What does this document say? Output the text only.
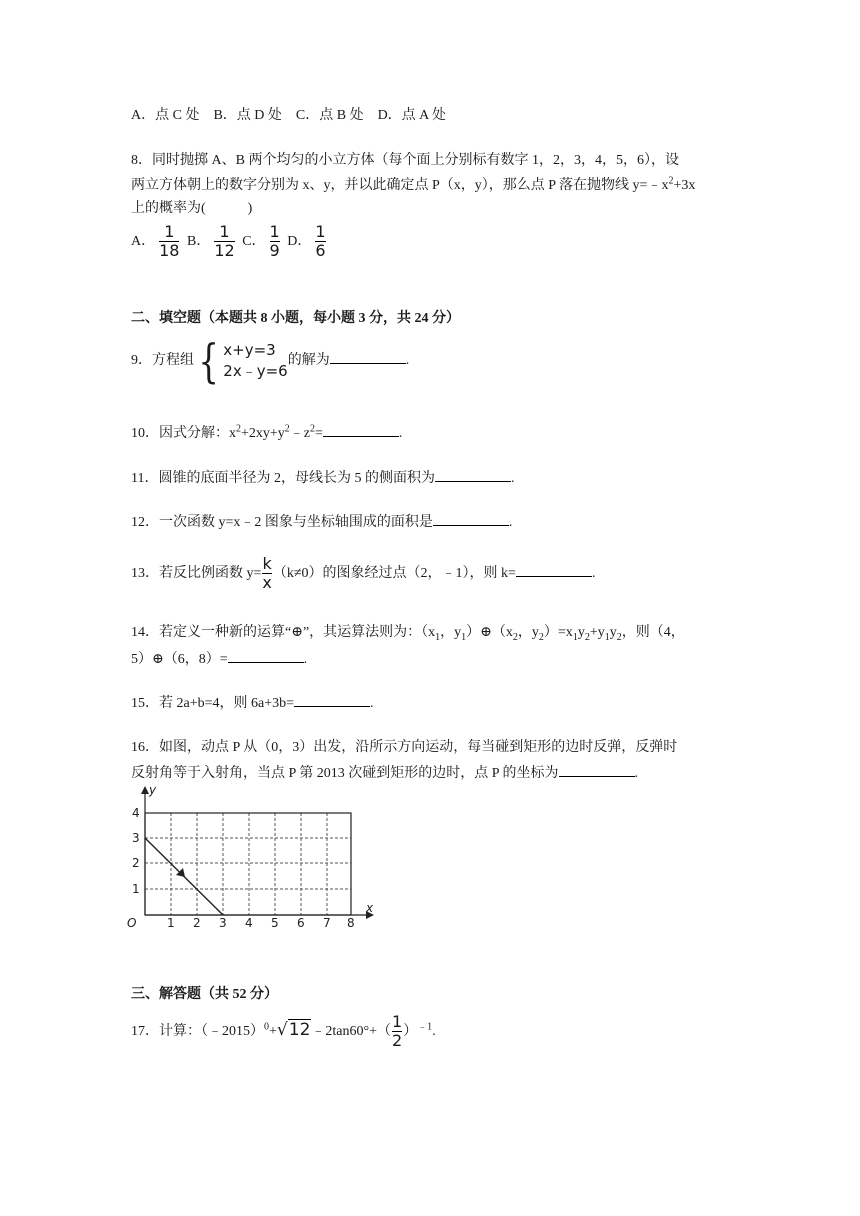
A．点 C 处　B．点 D 处　C．点 B 处　D．点 A 处
8．同时抛掷 A、B 两个均匀的小立方体（每个面上分别标有数字 1，2，3，4，5，6），设
两立方体朝上的数字分别为 x、y，并以此确定点 P（x，y），那么点 P 落在抛物线 $y=﹣x^2+3x$
上的概率为(　　　)
A． $\frac{1}{18}$ B． $\frac{1}{12}$ C． $\frac{1}{9}$ D． $\frac{1}{6}$
二、填空题（本题共 8 小题，每小题 3 分，共 24 分）
9．方程组 { x+y=3
2x﹣y=6
的解为	.
10．因式分解：$x^2+2xy+y^2﹣z^2=$	.
11．圆锥的底面半径为 2，母线长为 5 的侧面积为	.
12．一次函数 y=x﹣2 图象与坐标轴围成的面积是	.
13．若反比例函数 $y= \frac{k}{x} (k\ne 0)$的图象经过点（2，﹣1），则 k=	.
14．若定义一种新的运算“⊕”，其运算法则为：（$x_1$，$y_1)\oplus(x_2$，$y_2)=x_1y_2+y_1y_2$，则（4，
5）⊕（6，8）=	.
15．若 2a+b=4，则 6a+3b=	.
16．如图，动点 P 从（0，3）出发，沿所示方向运动，每当碰到矩形的边时反弹，反弹时
反射角等于入射角，当点 P 第 2013 次碰到矩形的边时，点 P 的坐标为	.
O	1 2 3 4 5 6 7 8
1
2
3
4
x
y
三、解答题（共 52 分）
17．计算：（﹣2015）$^0$+√12﹣2tan60°+（ $\frac{1}{2} )^{﹣1}$.
